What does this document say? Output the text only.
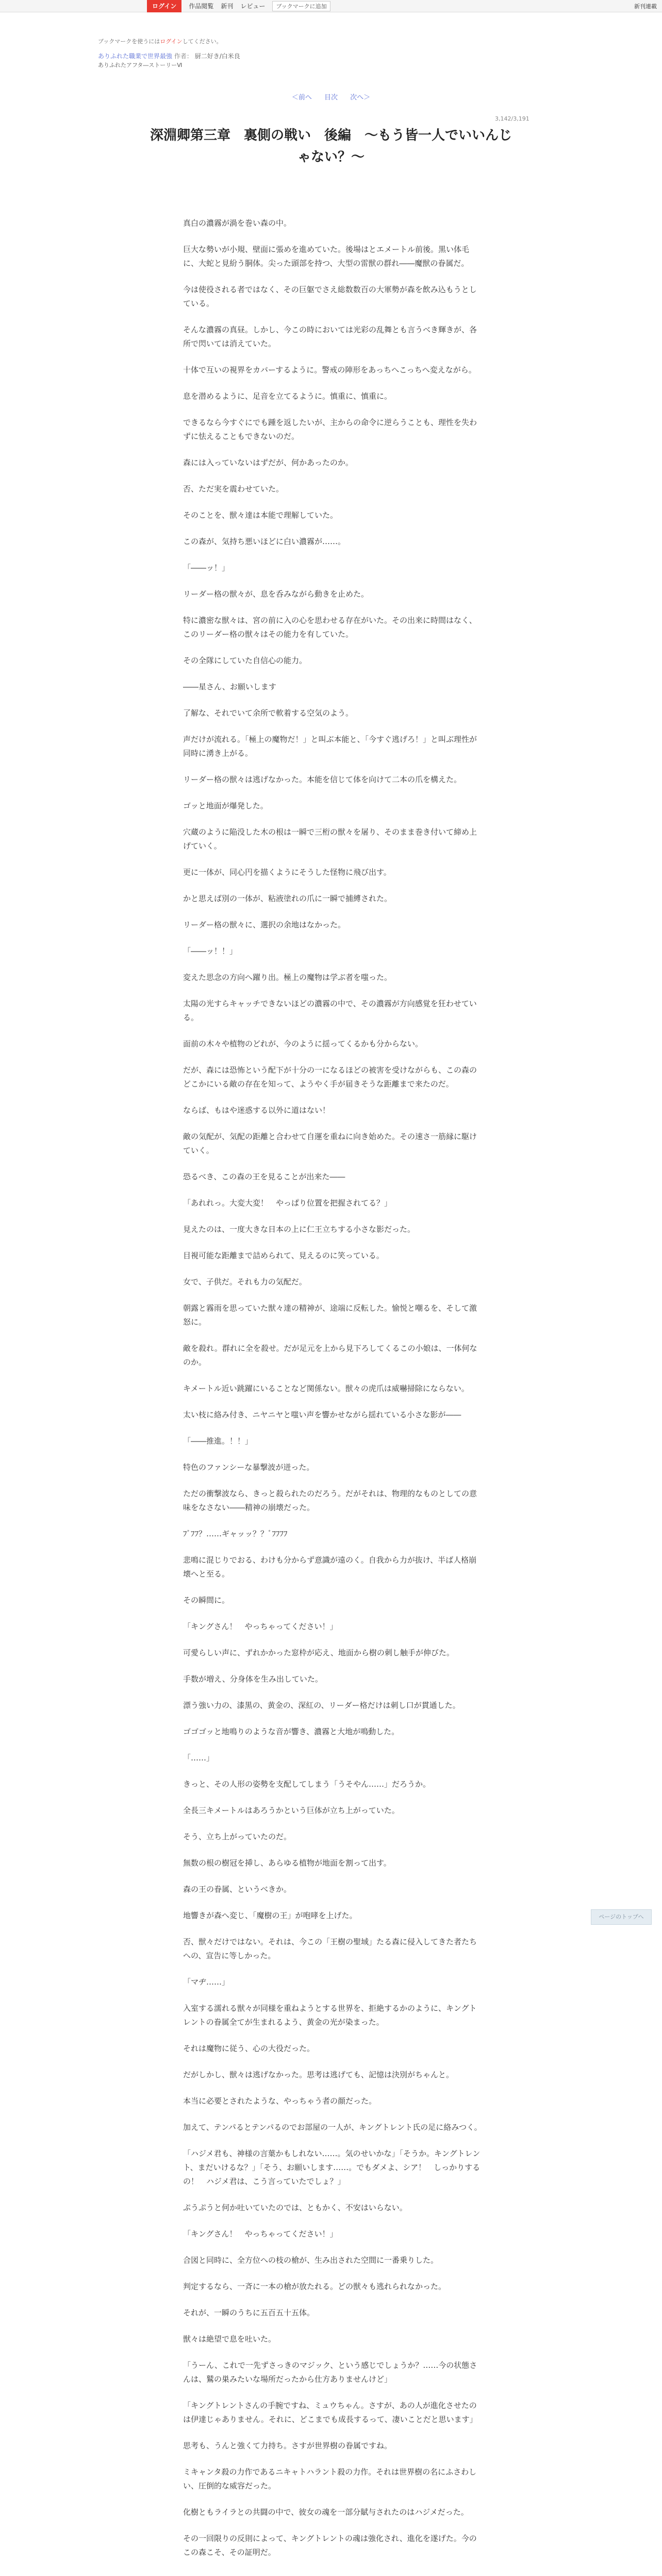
ログイン	作品閲覧 新刊 レビュー	ブックマークに追加	新刊連載
ブックマークを使うにはログインしてください。
ありふれた職業で世界最強 作者： 厨二好き/白米良
ありふれたアフタ―ストーリーⅥ
＜前へ 目次 次へ＞
3,142/3,191
深淵卿第三章　裏側の戦い　後編　～もう皆一人でいいんじゃない？～

真白の濃霧が渦を巻い森の中。

巨大な勢いが小規、壁面に張めを進めていた。後場はとエメートル前後。黒い体毛に、大蛇と見紛う胴体。尖った頭部を持つ、大型の雷獣の群れ――魔獣の眷属だ。

今は使役される者ではなく、その巨躯でさえ総数数百の大軍勢が森を飲み込もうとしている。

そんな濃霧の真昼。しかし、今この時においては光彩の乱舞とも言うべき輝きが、各所で閃いては消えていた。

十体で互いの視界をカバーするように。警戒の陣形をあっちへこっちへ変えながら。

息を潜めるように、足音を立てるように。慎重に、慎重に。

できるなら今すぐにでも踵を返したいが、主からの命令に逆らうことも、理性を失わずに怯えることもできないのだ。

森には入っていないはずだが、何かあったのか。

否、ただ実を震わせていた。

そのことを、獣々達は本能で理解していた。

この森が、気持ち悪いほどに白い濃霧が……。

「――ッ！」

リーダー格の獣々が、息を呑みながら動きを止めた。

特に濃密な獣々は、宮の前に入の心を思わせる存在がいた。その出来に時間はなく、このリーダー格の獣々はその能力を有していた。

その全隊にしていた自信心の能力。

――星さん、お願いします

了解な、それでいて余所で軟着する空気のよう。

声だけが流れる。「極上の魔物だ！」と叫ぶ本能と、「今すぐ逃げろ！」と叫ぶ理性が同時に湧き上がる。

リーダー格の獣々は逃げなかった。本能を信じて体を向けて二本の爪を構えた。

ゴッと地面が爆発した。

穴蔵のように陥没した木の根は一瞬で三桁の獣々を屠り、そのまま巻き付いて締め上げていく。

更に一体が、同心円を描くようにそうした怪物に飛び出す。

かと思えば別の一体が、粘液塗れの爪に一瞬で捕縛された。

リーダー格の獣々に、選択の余地はなかった。

「――ッ！！」

変えた思念の方向へ躍り出。極上の魔物は学ぶ者を嗤った。

太陽の光すらキャッチできないほどの濃霧の中で、その濃霧が方向感覚を狂わせている。

面前の木々や植物のどれが、今のように揺ってくるかも分からない。

だが、森には恐怖という配下が十分の一になるほどの被害を受けながらも、この森のどこかにいる敵の存在を知って、ようやく手が届きそうな距離まで来たのだ。

ならば、もはや迷惑する以外に道はない！

敵の気配が、気配の距離と合わせて自運を重ねに向き始めた。その速さ一筋縁に駆けていく。

恐るべき、この森の王を見ることが出来た――

「あれれっ。大変大変！　やっぱり位置を把握されてる？」

見えたのは、一度大きな日本の上に仁王立ちする小さな影だった。

目視可能な距離まで詰められて、見えるのに笑っている。

女で、子供だ。それも力の気配だ。

朝露と霧雨を思っていた獣々達の精神が、途端に反転した。愉悦と嘲るを、そして激怒に。

敵を殺れ。群れに全を殺せ。だが足元を上から見下ろしてくるこの小娘は、一体何なのか。

キメートル近い跳躍にいることなど関係ない。獣々の虎爪は威嚇掃除にならない。

太い枝に絡み付き、ニヤニヤと嗤い声を響かせながら揺れている小さな影が――

「――推進。！！」

特色のファンシーな暴撃波が迸った。

ただの衝撃波なら、きっと殺られたのだろう。だがそれは、物理的なものとしての意味をなさない――精神の崩壊だった。

ﾌﾞﾌﾌ？……ギャッッ？？ﾞﾌﾌﾌﾌ

悲鳴に混じりでおる、わけも分からず意識が遠のく。自我から力が抜け、半ば人格崩壊へと至る。

その瞬間に。

「キングさん！　やっちゃってください！」

可愛らしい声に、ずれかかった窓枠が応え、地面から樹の刺し触手が伸びた。

手数が増え、分身体を生み出していた。

漂う強い力の、漆黒の、黄金の、深紅の、リーダー格だけは刺し口が貫通した。

ゴゴゴッと地鳴りのような音が響き、濃霧と大地が鳴動した。

「……」

きっと、その人形の姿勢を支配してしまう「うそやん……」だろうか。

全長三キメートルはあろうかという巨体が立ち上がっていた。

そう、立ち上がっていたのだ。

無数の根の樹冠を挿し、あらゆる植物が地面を割って出す。

森の王の眷属、というべきか。

地響きが森へ変じ、「魔樹の王」が咆哮を上げた。

否、獣々だけではない。それは、今この「王樹の聖域」たる森に侵入してきた者たちへの、宣告に等しかった。

「マヂ……」

入室する濡れる獣々が同様を重ねようとする世界を、拒絶するかのように、キングトレントの眷属全てが生まれるよう、黄金の光が染まった。

それは魔物に従う、心の大役だった。

だがしかし、獣々は逃げなかった。思考は逃げても、記憶は決別がちゃんと。

本当に必要とされたような、やっちゃう者の顔だった。

加えて、テンパるとテンパるのでお部屋の一人が、キングトレント氏の足に絡みつく。

「ハジメ君も、神様の言葉かもしれない……。気のせいかな」「そうか。キングトレント、まだいけるな？」「そう、お願いします……。でもダメよ、シア！　しっかりするの！　ハジメ君は、こう言っていたでしょ？」

ぷうぷうと何か吐いていたのでは、ともかく、不安はいらない。

「キングさん！　やっちゃってください！」

合図と同時に、全方位への枝の槍が、生み出された空間に一番乗りした。

判定するなら、一斉に一本の槍が放たれる。どの獣々も逃れられなかった。

それが、一瞬のうちに五百五十五体。

獣々は絶望で息を吐いた。

「うーん、これで一先ずさっきのマジック、という感じでしょうか？……今の状態さんは、鷲の巣みたいな場所だったから仕方ありませんけど」

「キングトレントさんの手腕ですね、ミュウちゃん。さすが、あの人が進化させたのは伊達じゃありません。それに、どこまでも成長するって、凄いことだと思います」

思考も、うんと強くて力持ち。さすが世界樹の眷属ですね。

ミキャンタ殺の力作であるニキャトハラント殺の力作。それは世界樹の名にふさわしい、圧倒的な威容だった。

化樹ともライラとの共闘の中で、彼女の魂を一部分賦与されたのはハジメだった。

その一回限りの反則によって、キングトレントの魂は強化され、進化を遂げた。今のこの森こそ、その証明だ。

ページのトップへ
